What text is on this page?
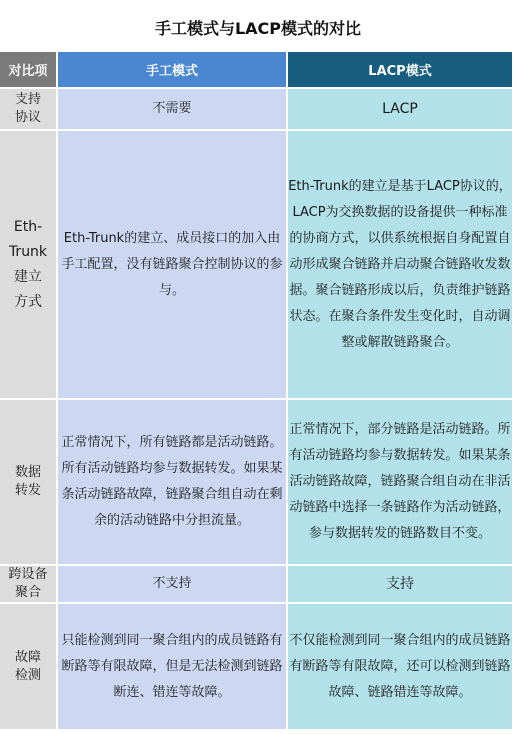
手工模式与LACP模式的对比
对比项	手工模式	LACP模式

支持
协议	不需要	LACP

Eth-
Trunk
建立
方式	Eth-Trunk的建立、成员接口的加入由手工配置，没有链路聚合控制协议的参与。	Eth-Trunk的建立是基于LACP协议的，LACP为交换数据的设备提供一种标准的协商方式，以供系统根据自身配置自动形成聚合链路并启动聚合链路收发数据。聚合链路形成以后，负责维护链路状态。在聚合条件发生变化时，自动调整或解散链路聚合。

数据
转发	正常情况下，所有链路都是活动链路。所有活动链路均参与数据转发。如果某条活动链路故障，链路聚合组自动在剩余的活动链路中分担流量。	正常情况下，部分链路是活动链路。所有活动链路均参与数据转发。如果某条活动链路故障，链路聚合组自动在非活动链路中选择一条链路作为活动链路，参与数据转发的链路数目不变。

跨设备
聚合	不支持	支持

故障
检测	只能检测到同一聚合组内的成员链路有断路等有限故障，但是无法检测到链路断连、错连等故障。	不仅能检测到同一聚合组内的成员链路有断路等有限故障，还可以检测到链路故障、链路错连等故障。
